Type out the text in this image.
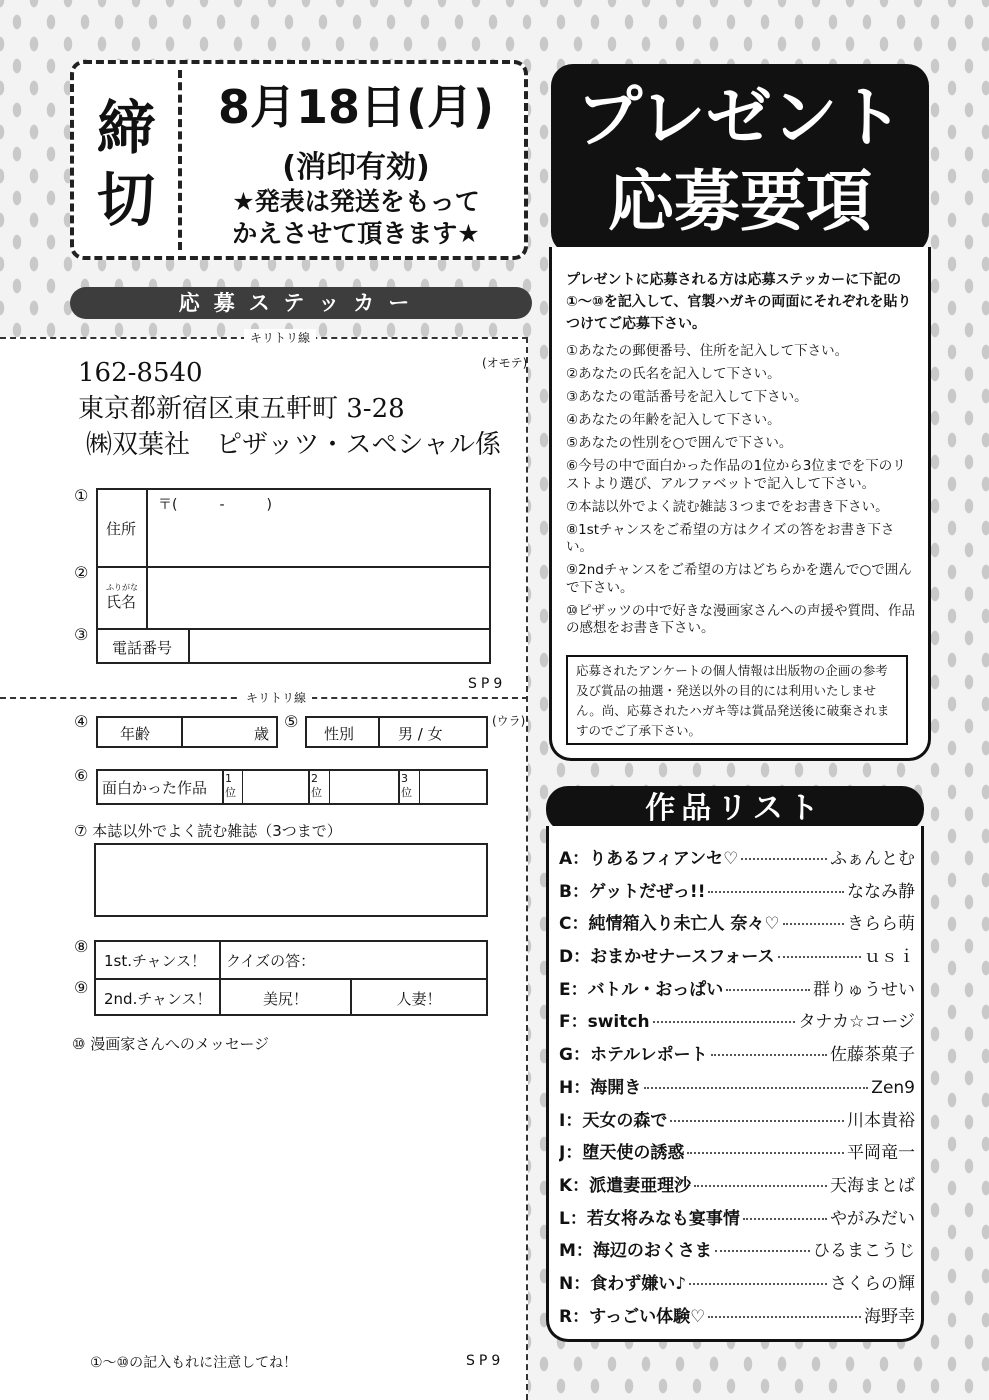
締切
8月18日(月)
(消印有効)
★発表は発送をもって
かえさせて頂きます★
応募ステッカー
キリトリ線
(オモテ)
162-8540
東京都新宿区東五軒町 3-28
㈱双葉社　ピザッツ・スペシャル係
①
住所
〒(　　　-　　　)
②
ふりがな
氏名
③
電話番号
SP9
キリトリ線
(ウラ)
④
年齢	歳
⑤
性別	男 / 女
⑥
面白かった作品
1位
2位
3位
⑦ 本誌以外でよく読む雑誌（3つまで）
⑧
⑨
1st.チャンス！ クイズの答：
2nd.チャンス！	美尻！	人妻！
⑩ 漫画家さんへのメッセージ
①〜⑩の記入もれに注意してね！	SP9
プレゼント
応募要項
プレゼントに応募される方は応募ステッカーに下記の①〜⑩を記入して、官製ハガキの両面にそれぞれを貼りつけてご応募下さい。
①あなたの郵便番号、住所を記入して下さい。
②あなたの氏名を記入して下さい。
③あなたの電話番号を記入して下さい。
④あなたの年齢を記入して下さい。
⑤あなたの性別を○で囲んで下さい。
⑥今号の中で面白かった作品の1位から3位までを下のリストより選び、アルファベットで記入して下さい。
⑦本誌以外でよく読む雑誌３つまでをお書き下さい。
⑧1stチャンスをご希望の方はクイズの答をお書き下さい。
⑨2ndチャンスをご希望の方はどちらかを選んで○で囲んで下さい。
⑩ピザッツの中で好きな漫画家さんへの声援や質問、作品の感想をお書き下さい。
応募されたアンケートの個人情報は出版物の企画の参考及び賞品の抽選・発送以外の目的には利用いたしません。尚、応募されたハガキ等は賞品発送後に破棄されますのでご了承下さい。
作品リスト
A：りあるフィアンセ♡	ふぁんとむ
B：ゲットだぜっ!!	ななみ静
C：純情箱入り未亡人 奈々♡	きらら萌
D：おまかせナースフォース	ｕｓｉ
E：バトル・おっぱい	群りゅうせい
F：switch	タナカ☆コージ
G：ホテルレポート	佐藤茶菓子
H：海開き	Zen9
I：天女の森で	川本貴裕
J：堕天使の誘惑	平岡竜一
K：派遣妻亜理沙	天海まとば
L：若女将みなも宴事情	やがみだい
M：海辺のおくさま	ひるまこうじ
N：食わず嫌い♪	さくらの輝
R：すっごい体験♡	海野幸
